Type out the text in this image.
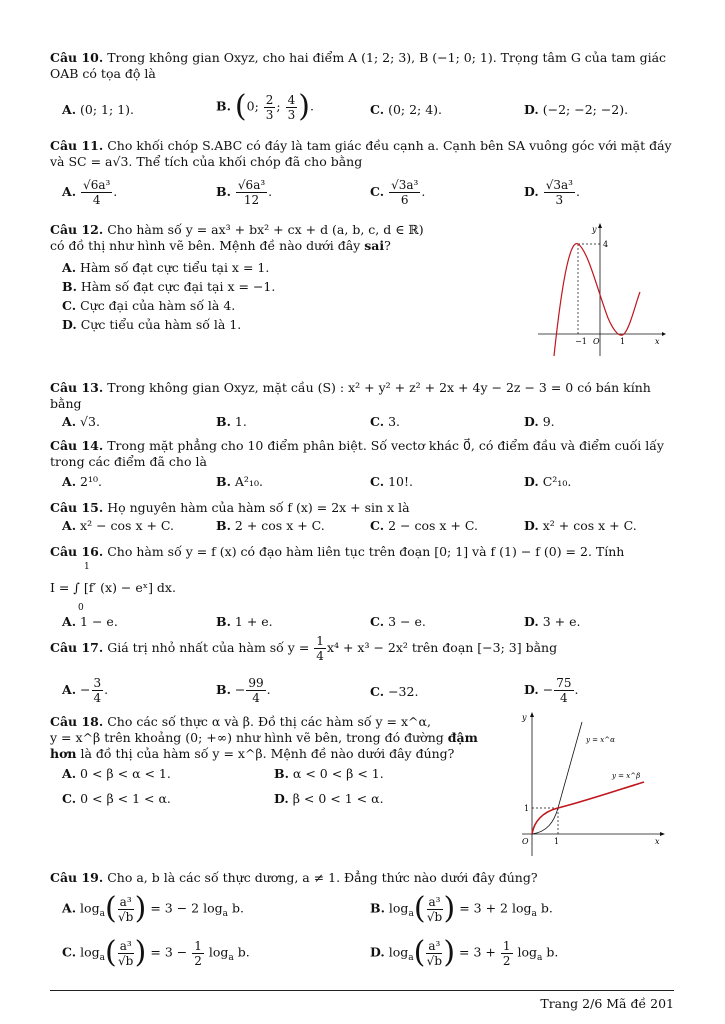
Câu 10. Trong không gian Oxyz, cho hai điểm A (1; 2; 3), B (−1; 0; 1). Trọng tâm G của tam giác OAB có tọa độ là
A. (0; 1; 1).	B. (0; $\frac{2}{3}$ ; $\frac{4}{3}$ ).	C. (0; 2; 4).	D. (−2; −2; −2).
Câu 11. Cho khối chóp S.ABC có đáy là tam giác đều cạnh a. Cạnh bên SA vuông góc với mặt đáy và SC = a√3. Thể tích của khối chóp đã cho bằng
A. $\frac{\text{√6a³}}{4}$ .	B. $\frac{\text{√6a³}}{12}$ .	C. $\frac{\text{√3a³}}{6}$ .	D. $\frac{\text{√3a³}}{3}$ .
Câu 12. Cho hàm số y = ax³ + bx² + cx + d (a, b, c, d ∈ ℝ)
có đồ thị như hình vẽ bên. Mệnh đề nào dưới đây sai?
A. Hàm số đạt cực tiểu tại x = 1.
B. Hàm số đạt cực đại tại x = −1.
C. Cực đại của hàm số là 4.
D. Cực tiểu của hàm số là 1.
y
x
O
−1	1
4
Câu 13. Trong không gian Oxyz, mặt cầu (S) : x² + y² + z² + 2x + 4y − 2z − 3 = 0 có bán kính bằng
A. √3.	B. 1.	C. 3.	D. 9.
Câu 14. Trong mặt phẳng cho 10 điểm phân biệt. Số vectơ khác 0⃗, có điểm đầu và điểm cuối lấy trong các điểm đã cho là
A. 2¹⁰.	B. A²₁₀.	C. 10!.	D. C²₁₀.
Câu 15. Họ nguyên hàm của hàm số f (x) = 2x + sin x là
A. x² − cos x + C.	B. 2 + cos x + C.	C. 2 − cos x + C.	D. x² + cos x + C.
Câu 16. Cho hàm số y = f (x) có đạo hàm liên tục trên đoạn [0; 1] và f (1) − f (0) = 2. Tính
1
I = ∫ [f′ (x) − eˣ] dx.
0
A. 1 − e.	B. 1 + e.	C. 3 − e.	D. 3 + e.
Câu 17. Giá trị nhỏ nhất của hàm số $y = \frac{1}{4} x^4 + x^3 - 2x^2$ trên đoạn [−3; 3] bằng
A. − $\frac{3}{4}$ .	B. − $\frac{99}{4}$ .	C. −32.	D. − $\frac{75}{4}$ .
Câu 18. Cho các số thực α và β. Đồ thị các hàm số y = x^α,
y = x^β trên khoảng (0; +∞) như hình vẽ bên, trong đó đường đậm
hơn là đồ thị của hàm số y = x^β. Mệnh đề nào dưới đây đúng?
A. 0 < β < α < 1.	B. α < 0 < β < 1.
C. 0 < β < 1 < α.	D. β < 0 < 1 < α.
y
x
O	1
1
y = x^α
y = x^β
Câu 19. Cho a, b là các số thực dương, a ≠ 1. Đẳng thức nào dưới đây đúng?
A. $\log_a( \frac{\text{a³}}{√b}$ ) = 3 − 2 $\log_a b$.	B. $\log_a( \frac{\text{a³}}{√b}$ ) = 3 + 2 $\log_a b$.
C. $\log_a( \frac{\text{a³}}{√b}$ ) = $3 - \frac{1}{2} \log_a b$.	D. $\log_a( \frac{\text{a³}}{√b}$ ) = $3 + \frac{1}{2} \log_a b$.
Trang 2/6 Mã đề 201
